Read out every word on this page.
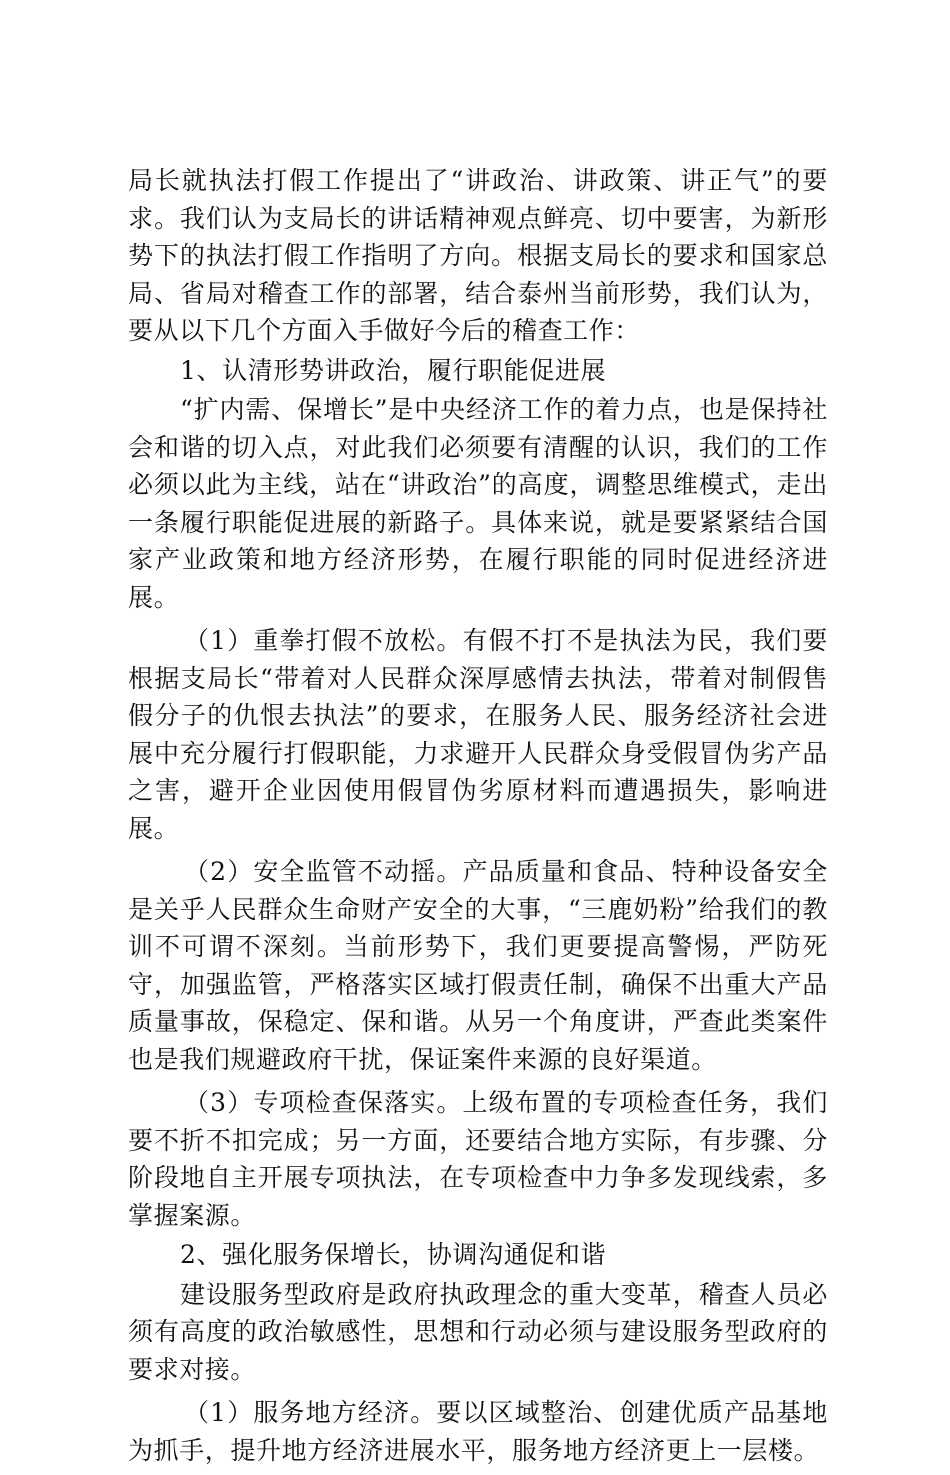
局长就执法打假工作提出了“讲政治、讲政策、讲正气”的要求。我们认为支局长的讲话精神观点鲜亮、切中要害，为新形势下的执法打假工作指明了方向。根据支局长的要求和国家总局、省局对稽查工作的部署，结合泰州当前形势，我们认为，要从以下几个方面入手做好今后的稽查工作：

1、认清形势讲政治，履行职能促进展

“扩内需、保增长”是中央经济工作的着力点，也是保持社会和谐的切入点，对此我们必须要有清醒的认识，我们的工作必须以此为主线，站在“讲政治”的高度，调整思维模式，走出一条履行职能促进展的新路子。具体来说，就是要紧紧结合国家产业政策和地方经济形势，在履行职能的同时促进经济进展。

（1）重拳打假不放松。有假不打不是执法为民，我们要根据支局长“带着对人民群众深厚感情去执法，带着对制假售假分子的仇恨去执法”的要求，在服务人民、服务经济社会进展中充分履行打假职能，力求避开人民群众身受假冒伪劣产品之害，避开企业因使用假冒伪劣原材料而遭遇损失，影响进展。

（2）安全监管不动摇。产品质量和食品、特种设备安全是关乎人民群众生命财产安全的大事，“三鹿奶粉”给我们的教训不可谓不深刻。当前形势下，我们更要提高警惕，严防死守，加强监管，严格落实区域打假责任制，确保不出重大产品质量事故，保稳定、保和谐。从另一个角度讲，严查此类案件也是我们规避政府干扰，保证案件来源的良好渠道。

（3）专项检查保落实。上级布置的专项检查任务，我们要不折不扣完成；另一方面，还要结合地方实际，有步骤、分阶段地自主开展专项执法，在专项检查中力争多发现线索，多掌握案源。

2、强化服务保增长，协调沟通促和谐

建设服务型政府是政府执政理念的重大变革，稽查人员必须有高度的政治敏感性，思想和行动必须与建设服务型政府的要求对接。

（1）服务地方经济。要以区域整治、创建优质产品基地为抓手，提升地方经济进展水平，服务地方经济更上一层楼。
